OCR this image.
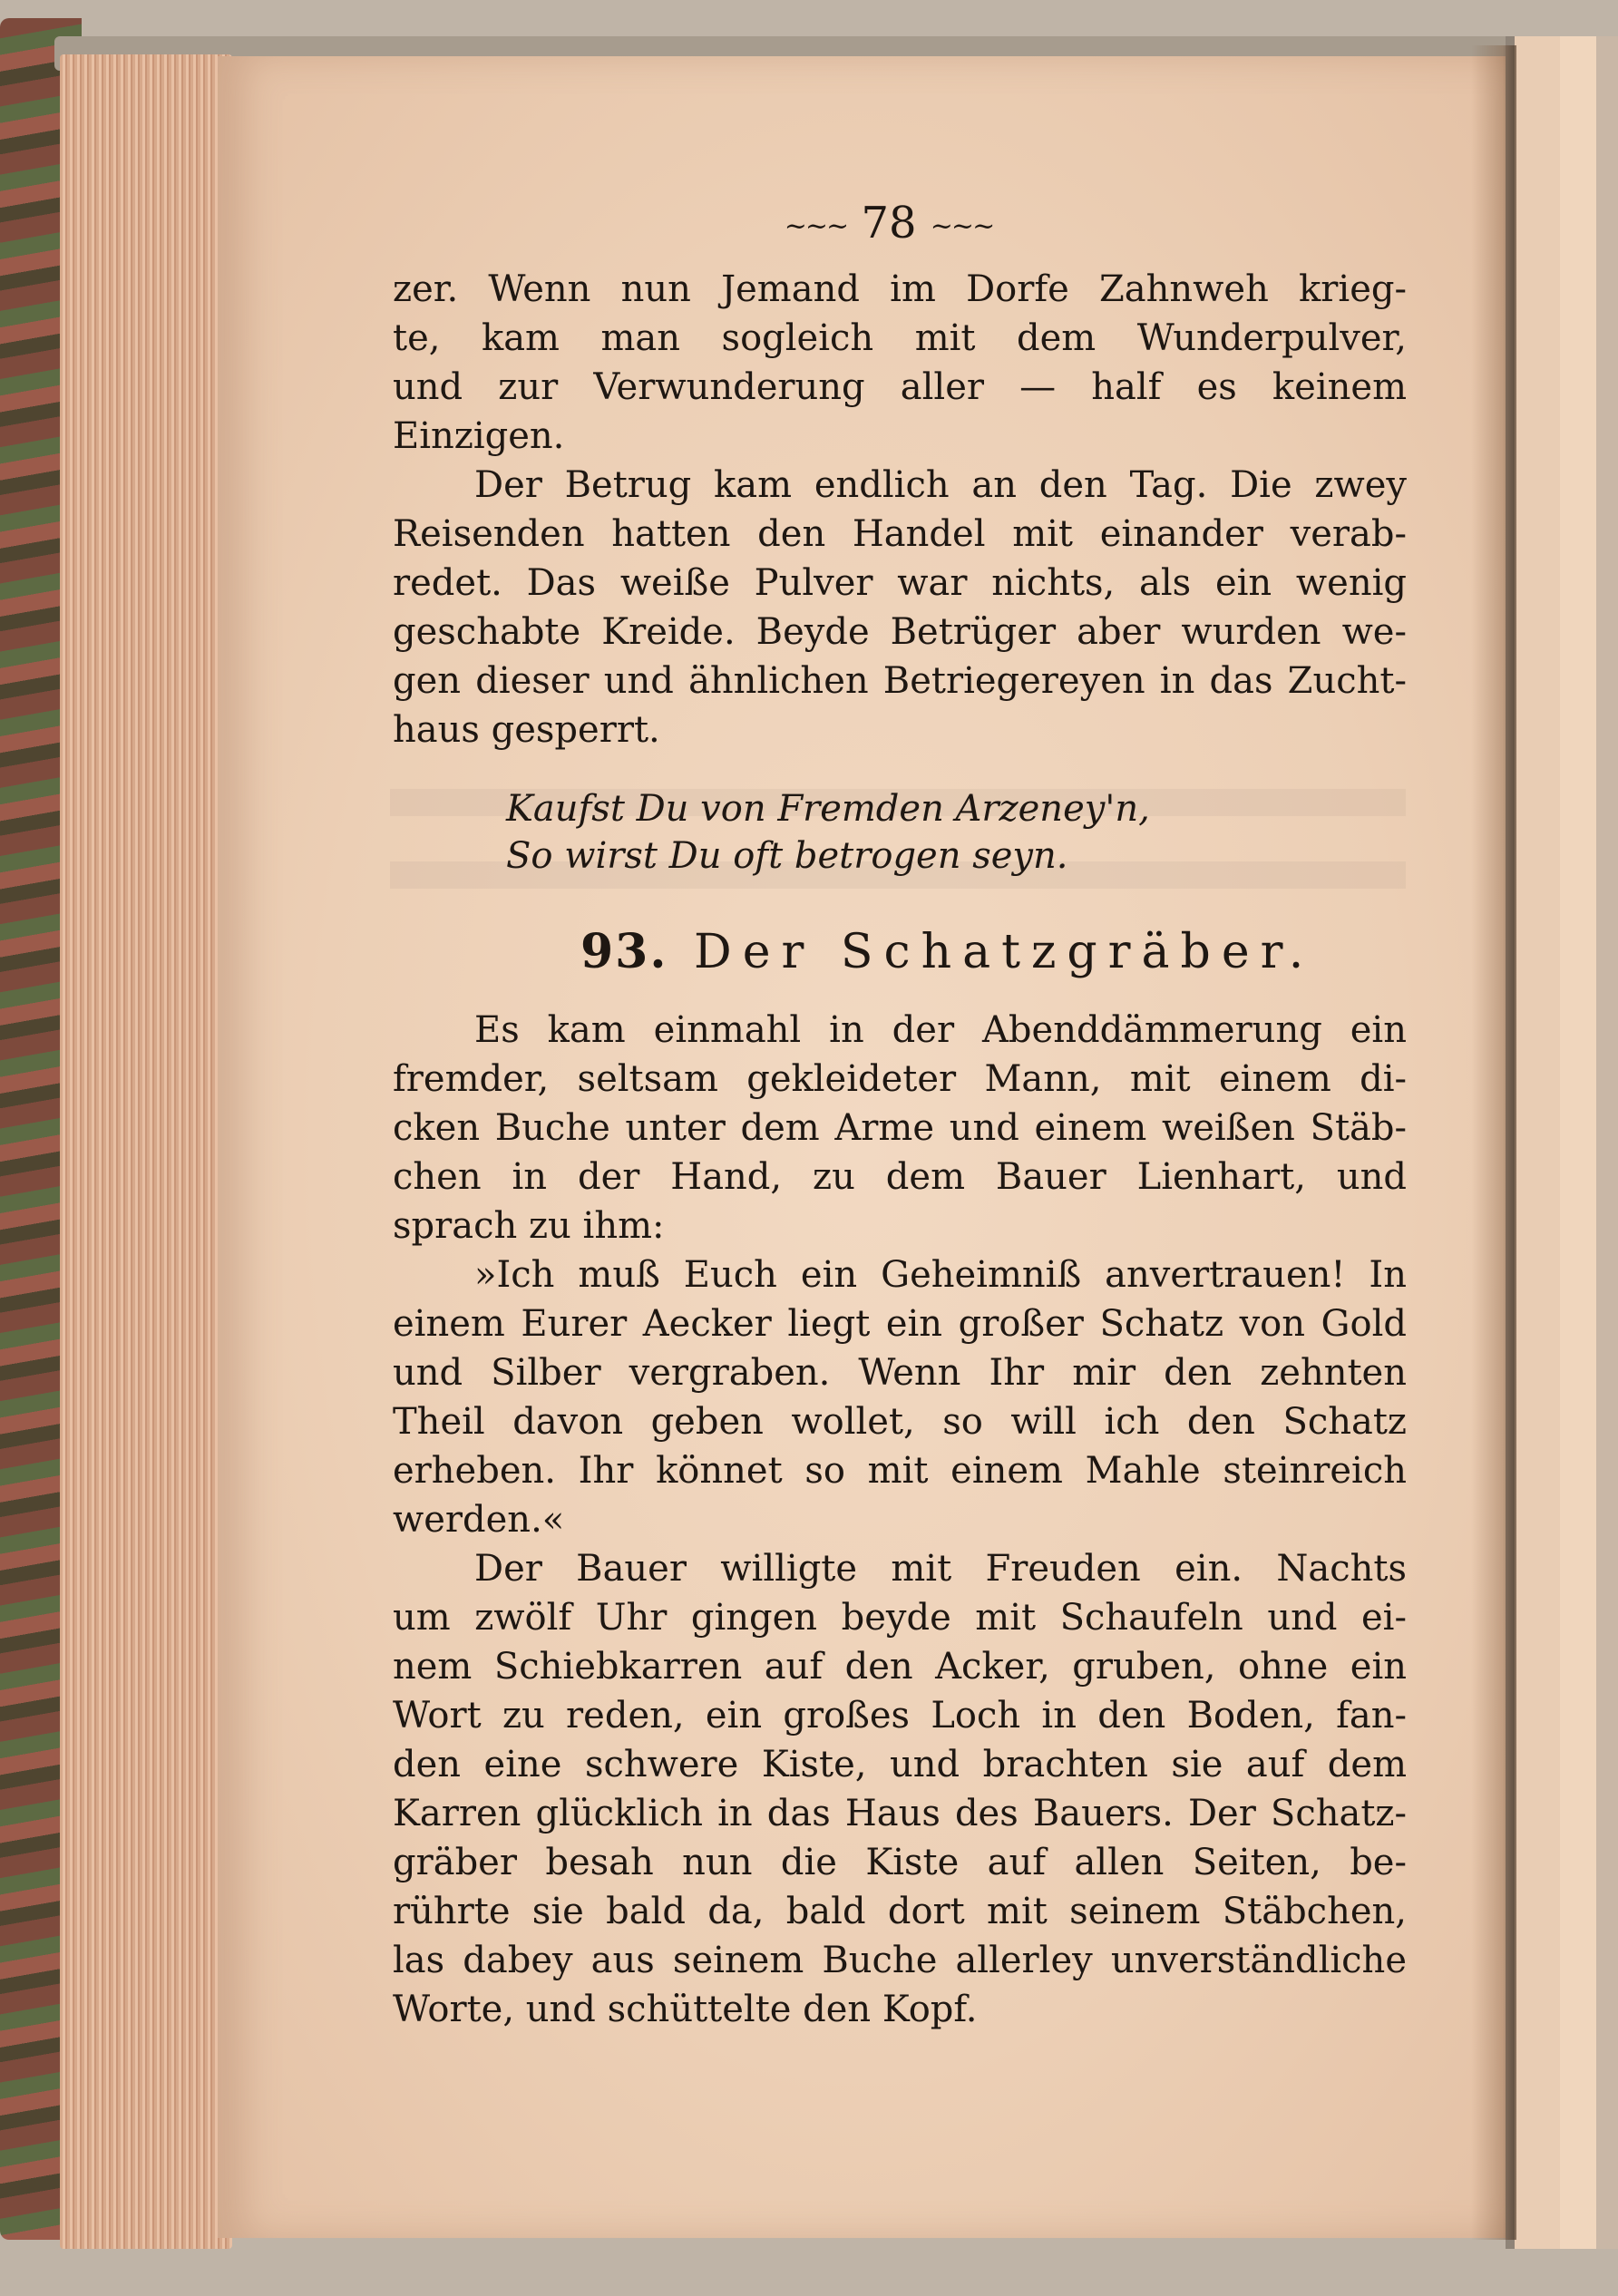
~~~ 78 ~~~
zer. Wenn nun Jemand im Dorfe Zahnweh krieg-
te, kam man sogleich mit dem Wunderpulver,
und zur Verwunderung aller — half es keinem
Einzigen.
Der Betrug kam endlich an den Tag. Die zwey
Reisenden hatten den Handel mit einander verab-
redet. Das weiße Pulver war nichts, als ein wenig
geschabte Kreide. Beyde Betrüger aber wurden we-
gen dieser und ähnlichen Betriegereyen in das Zucht-
haus gesperrt.
Kaufst Du von Fremden Arzeney'n,
So wirst Du oft betrogen seyn.
93. Der Schatzgräber.
Es kam einmahl in der Abenddämmerung ein
fremder, seltsam gekleideter Mann, mit einem di-
cken Buche unter dem Arme und einem weißen Stäb-
chen in der Hand, zu dem Bauer Lienhart, und
sprach zu ihm:
»Ich muß Euch ein Geheimniß anvertrauen! In
einem Eurer Aecker liegt ein großer Schatz von Gold
und Silber vergraben. Wenn Ihr mir den zehnten
Theil davon geben wollet, so will ich den Schatz
erheben. Ihr könnet so mit einem Mahle steinreich
werden.«
Der Bauer willigte mit Freuden ein. Nachts
um zwölf Uhr gingen beyde mit Schaufeln und ei-
nem Schiebkarren auf den Acker, gruben, ohne ein
Wort zu reden, ein großes Loch in den Boden, fan-
den eine schwere Kiste, und brachten sie auf dem
Karren glücklich in das Haus des Bauers. Der Schatz-
gräber besah nun die Kiste auf allen Seiten, be-
rührte sie bald da, bald dort mit seinem Stäbchen,
las dabey aus seinem Buche allerley unverständliche
Worte, und schüttelte den Kopf.
